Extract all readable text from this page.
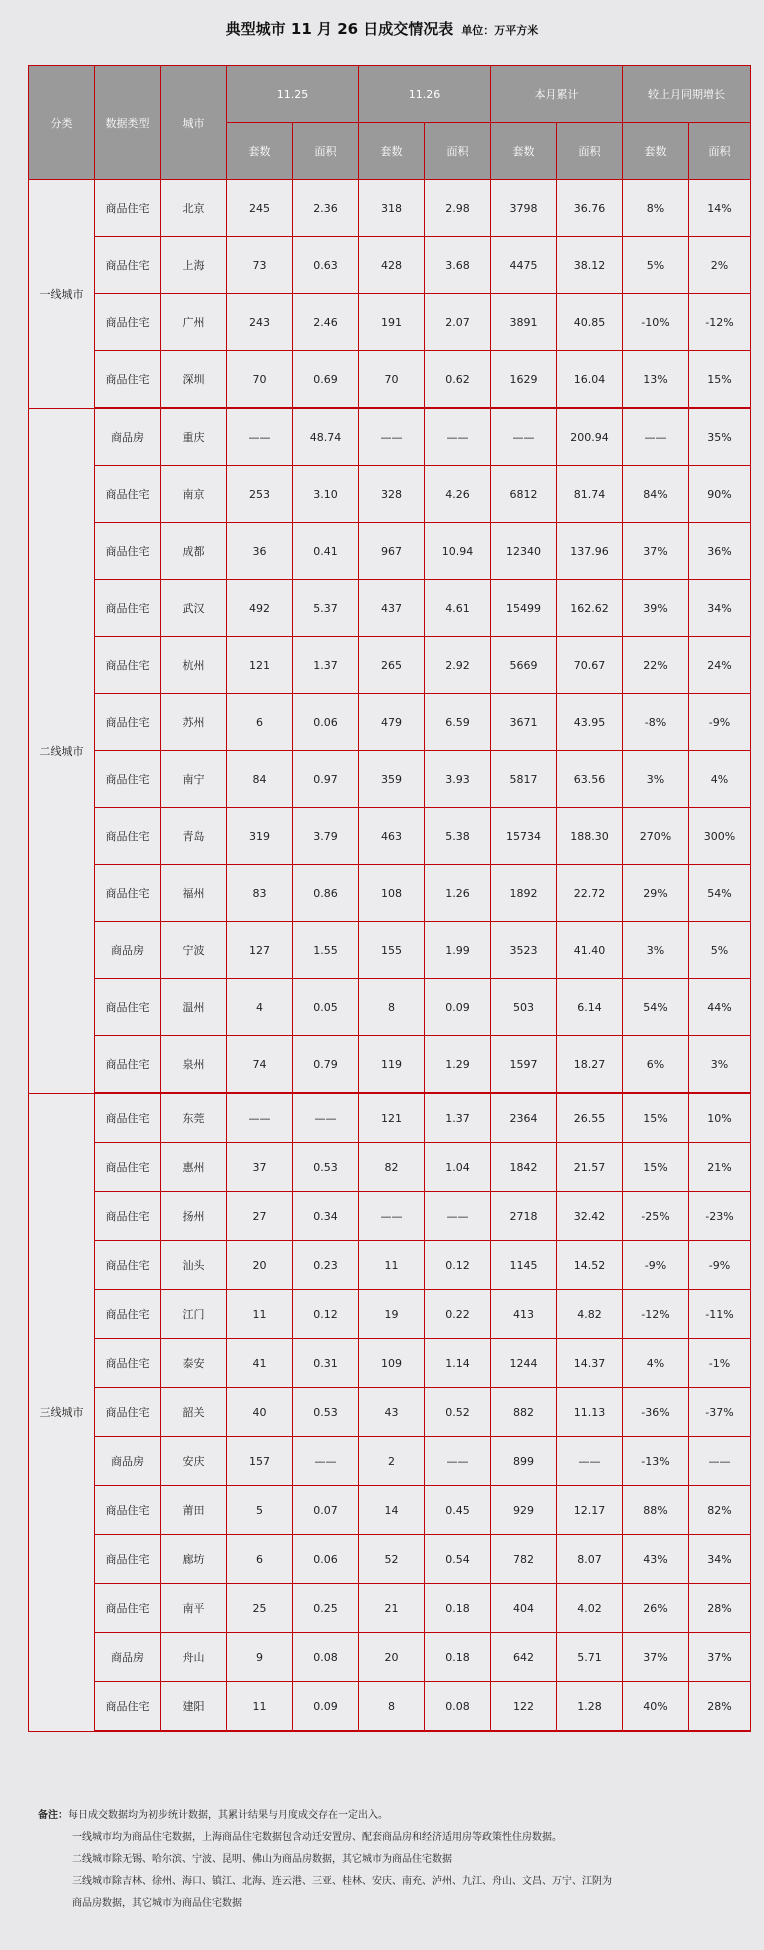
典型城市 11 月 26 日成交情况表 单位：万平方米
分类	数据类型	城市	11.25		11.26		本月累计		较上月同期增长	
			套数	面积	套数	面积	套数	面积	套数	面积
一线城市	商品住宅	北京	245	2.36	318	2.98	3798	36.76	8%	14%
	商品住宅	上海	73	0.63	428	3.68	4475	38.12	5%	2%
	商品住宅	广州	243	2.46	191	2.07	3891	40.85	-10%	-12%
	商品住宅	深圳	70	0.69	70	0.62	1629	16.04	13%	15%
二线城市	商品房	重庆	——	48.74	——	——	——	200.94	——	35%
	商品住宅	南京	253	3.10	328	4.26	6812	81.74	84%	90%
	商品住宅	成都	36	0.41	967	10.94	12340	137.96	37%	36%
	商品住宅	武汉	492	5.37	437	4.61	15499	162.62	39%	34%
	商品住宅	杭州	121	1.37	265	2.92	5669	70.67	22%	24%
	商品住宅	苏州	6	0.06	479	6.59	3671	43.95	-8%	-9%
	商品住宅	南宁	84	0.97	359	3.93	5817	63.56	3%	4%
	商品住宅	青岛	319	3.79	463	5.38	15734	188.30	270%	300%
	商品住宅	福州	83	0.86	108	1.26	1892	22.72	29%	54%
	商品房	宁波	127	1.55	155	1.99	3523	41.40	3%	5%
	商品住宅	温州	4	0.05	8	0.09	503	6.14	54%	44%
	商品住宅	泉州	74	0.79	119	1.29	1597	18.27	6%	3%
三线城市	商品住宅	东莞	——	——	121	1.37	2364	26.55	15%	10%
	商品住宅	惠州	37	0.53	82	1.04	1842	21.57	15%	21%
	商品住宅	扬州	27	0.34	——	——	2718	32.42	-25%	-23%
	商品住宅	汕头	20	0.23	11	0.12	1145	14.52	-9%	-9%
	商品住宅	江门	11	0.12	19	0.22	413	4.82	-12%	-11%
	商品住宅	泰安	41	0.31	109	1.14	1244	14.37	4%	-1%
	商品住宅	韶关	40	0.53	43	0.52	882	11.13	-36%	-37%
	商品房	安庆	157	——	2	——	899	——	-13%	——
	商品住宅	莆田	5	0.07	14	0.45	929	12.17	88%	82%
	商品住宅	廊坊	6	0.06	52	0.54	782	8.07	43%	34%
	商品住宅	南平	25	0.25	21	0.18	404	4.02	26%	28%
	商品房	舟山	9	0.08	20	0.18	642	5.71	37%	37%
	商品住宅	建阳	11	0.09	8	0.08	122	1.28	40%	28%
备注：每日成交数据均为初步统计数据，其累计结果与月度成交存在一定出入。
一线城市均为商品住宅数据，上海商品住宅数据包含动迁安置房、配套商品房和经济适用房等政策性住房数据。
二线城市除无锡、哈尔滨、宁波、昆明、佛山为商品房数据，其它城市为商品住宅数据
三线城市除吉林、徐州、海口、镇江、北海、连云港、三亚、桂林、安庆、南充、泸州、九江、舟山、文昌、万宁、江阴为
商品房数据，其它城市为商品住宅数据
